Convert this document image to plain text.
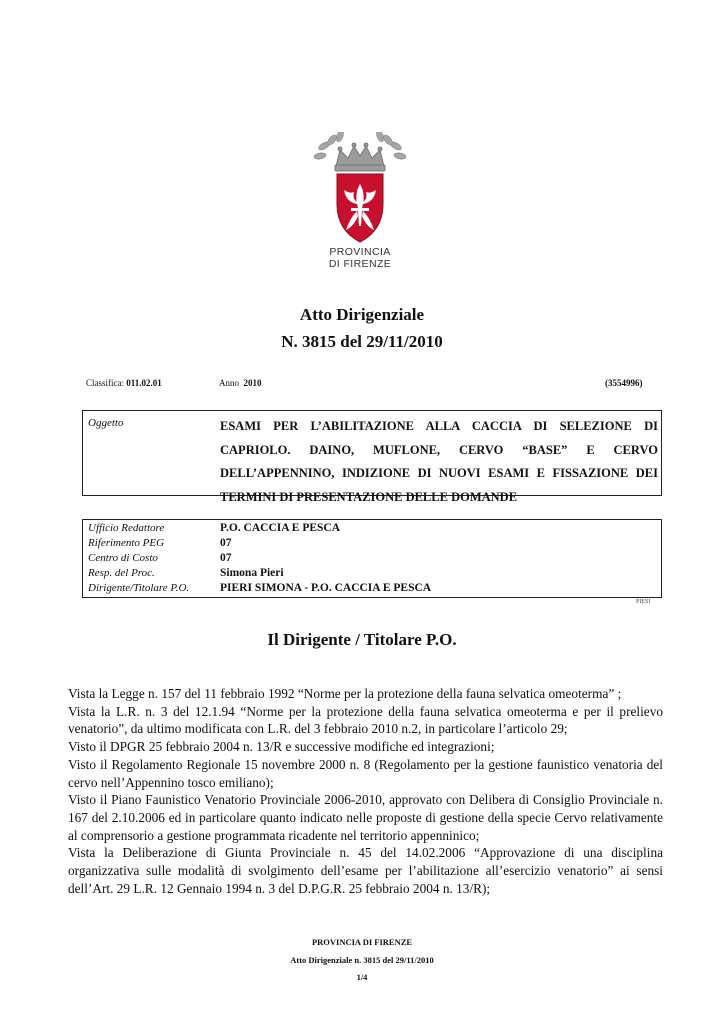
PROVINCIA
DI FIRENZE
Atto Dirigenziale
N. 3815 del 29/11/2010
Classifica: 011.02.01	Anno 2010	(3554996)
Oggetto	ESAMI PER L’ABILITAZIONE ALLA CACCIA DI SELEZIONE DI CAPRIOLO. DAINO, MUFLONE, CERVO “BASE” E CERVO DELL’APPENNINO, INDIZIONE DI NUOVI ESAMI E FISSAZIONE DEI TERMINI DI PRESENTAZIONE DELLE DOMANDE
Ufficio Redattore	P.O. CACCIA E PESCA
Riferimento PEG	07
Centro di Costo	07
Resp. del Proc.	Simona Pieri
Dirigente/Titolare P.O.	PIERI SIMONA - P.O. CACCIA E PESCA
PIESI
Il Dirigente / Titolare P.O.

Vista la Legge n. 157 del 11 febbraio 1992 “Norme per la protezione della fauna selvatica omeoterma” ;

Vista la L.R. n. 3 del 12.1.94 “Norme per la protezione della fauna selvatica omeoterma e per il prelievo venatorio”, da ultimo modificata con L.R. del 3 febbraio 2010 n.2, in particolare l’articolo 29;

Visto il DPGR 25 febbraio 2004 n. 13/R e successive modifiche ed integrazioni;

Visto il Regolamento Regionale 15 novembre 2000 n. 8 (Regolamento per la gestione faunistico venatoria del cervo nell’Appennino tosco emiliano);

Visto il Piano Faunistico Venatorio Provinciale 2006-2010, approvato con Delibera di Consiglio Provinciale n. 167 del 2.10.2006 ed in particolare quanto indicato nelle proposte di gestione della specie Cervo relativamente al comprensorio a gestione programmata ricadente nel territorio appenninico;

Vista la Deliberazione di Giunta Provinciale n. 45 del 14.02.2006 “Approvazione di una disciplina organizzativa sulle modalità di svolgimento dell’esame per l’abilitazione all’esercizio venatorio” ai sensi dell’Art. 29 L.R. 12 Gennaio 1994 n. 3 del D.P.G.R. 25 febbraio 2004 n. 13/R);

PROVINCIA DI FIRENZE
Atto Dirigenziale n. 3815 del 29/11/2010
1/4
